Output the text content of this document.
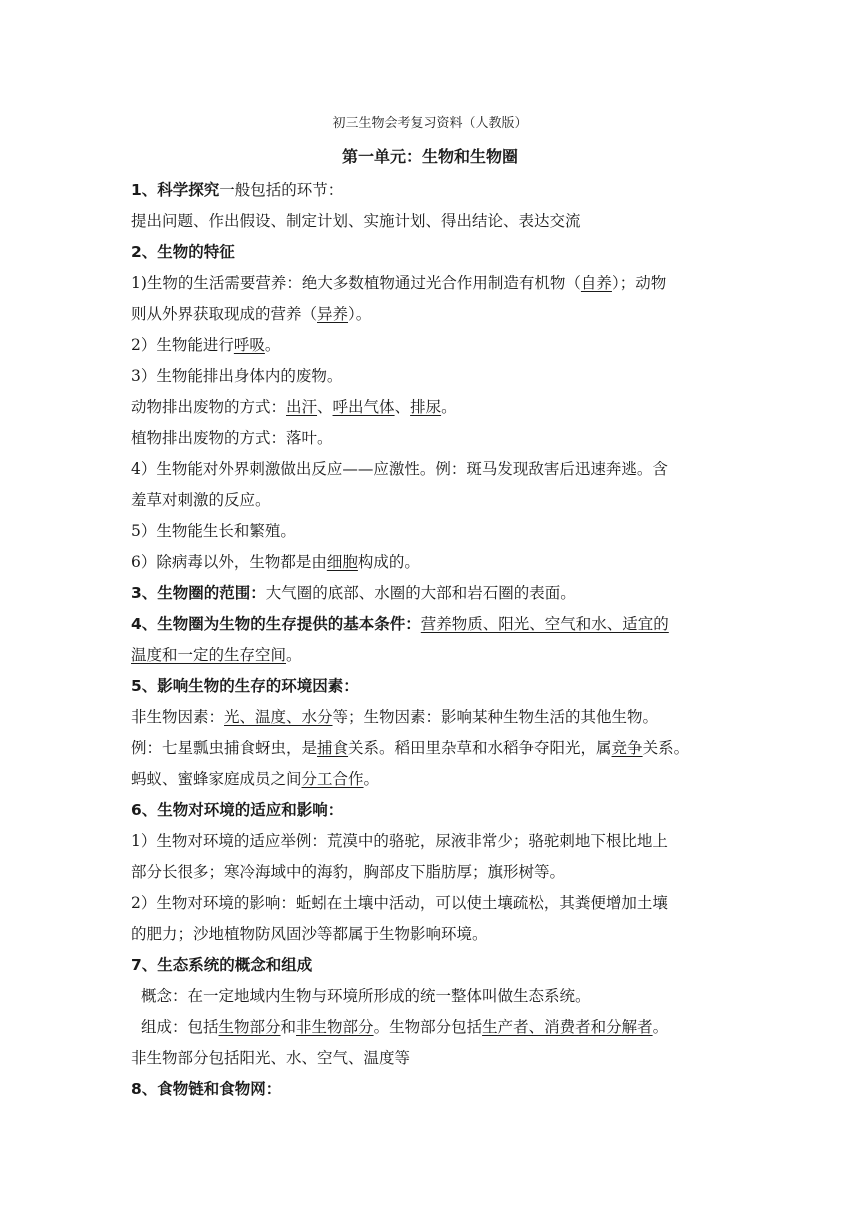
初三生物会考复习资料（人教版）
第一单元：生物和生物圈
1、科学探究一般包括的环节：
提出问题、作出假设、制定计划、实施计划、得出结论、表达交流
2、生物的特征
1)生物的生活需要营养：绝大多数植物通过光合作用制造有机物（自养）；动物
则从外界获取现成的营养（异养）。
2）生物能进行呼吸。
3）生物能排出身体内的废物。
动物排出废物的方式：出汗、呼出气体、排尿。
植物排出废物的方式：落叶。
4）生物能对外界刺激做出反应——应激性。例：斑马发现敌害后迅速奔逃。含
羞草对刺激的反应。
5）生物能生长和繁殖。
6）除病毒以外，生物都是由细胞构成的。
3、生物圈的范围：大气圈的底部、水圈的大部和岩石圈的表面。
4、生物圈为生物的生存提供的基本条件：营养物质、阳光、空气和水、适宜的
温度和一定的生存空间。
5、影响生物的生存的环境因素：
非生物因素：光、温度、水分等；生物因素：影响某种生物生活的其他生物。
例：七星瓢虫捕食蚜虫，是捕食关系。稻田里杂草和水稻争夺阳光，属竞争关系。
蚂蚁、蜜蜂家庭成员之间分工合作。
6、生物对环境的适应和影响：
1）生物对环境的适应举例：荒漠中的骆驼，尿液非常少；骆驼刺地下根比地上
部分长很多；寒冷海域中的海豹，胸部皮下脂肪厚；旗形树等。
2）生物对环境的影响：蚯蚓在土壤中活动，可以使土壤疏松，其粪便增加土壤
的肥力；沙地植物防风固沙等都属于生物影响环境。
7、生态系统的概念和组成
概念：在一定地域内生物与环境所形成的统一整体叫做生态系统。
组成：包括生物部分和非生物部分。生物部分包括生产者、消费者和分解者。
非生物部分包括阳光、水、空气、温度等
8、食物链和食物网：
